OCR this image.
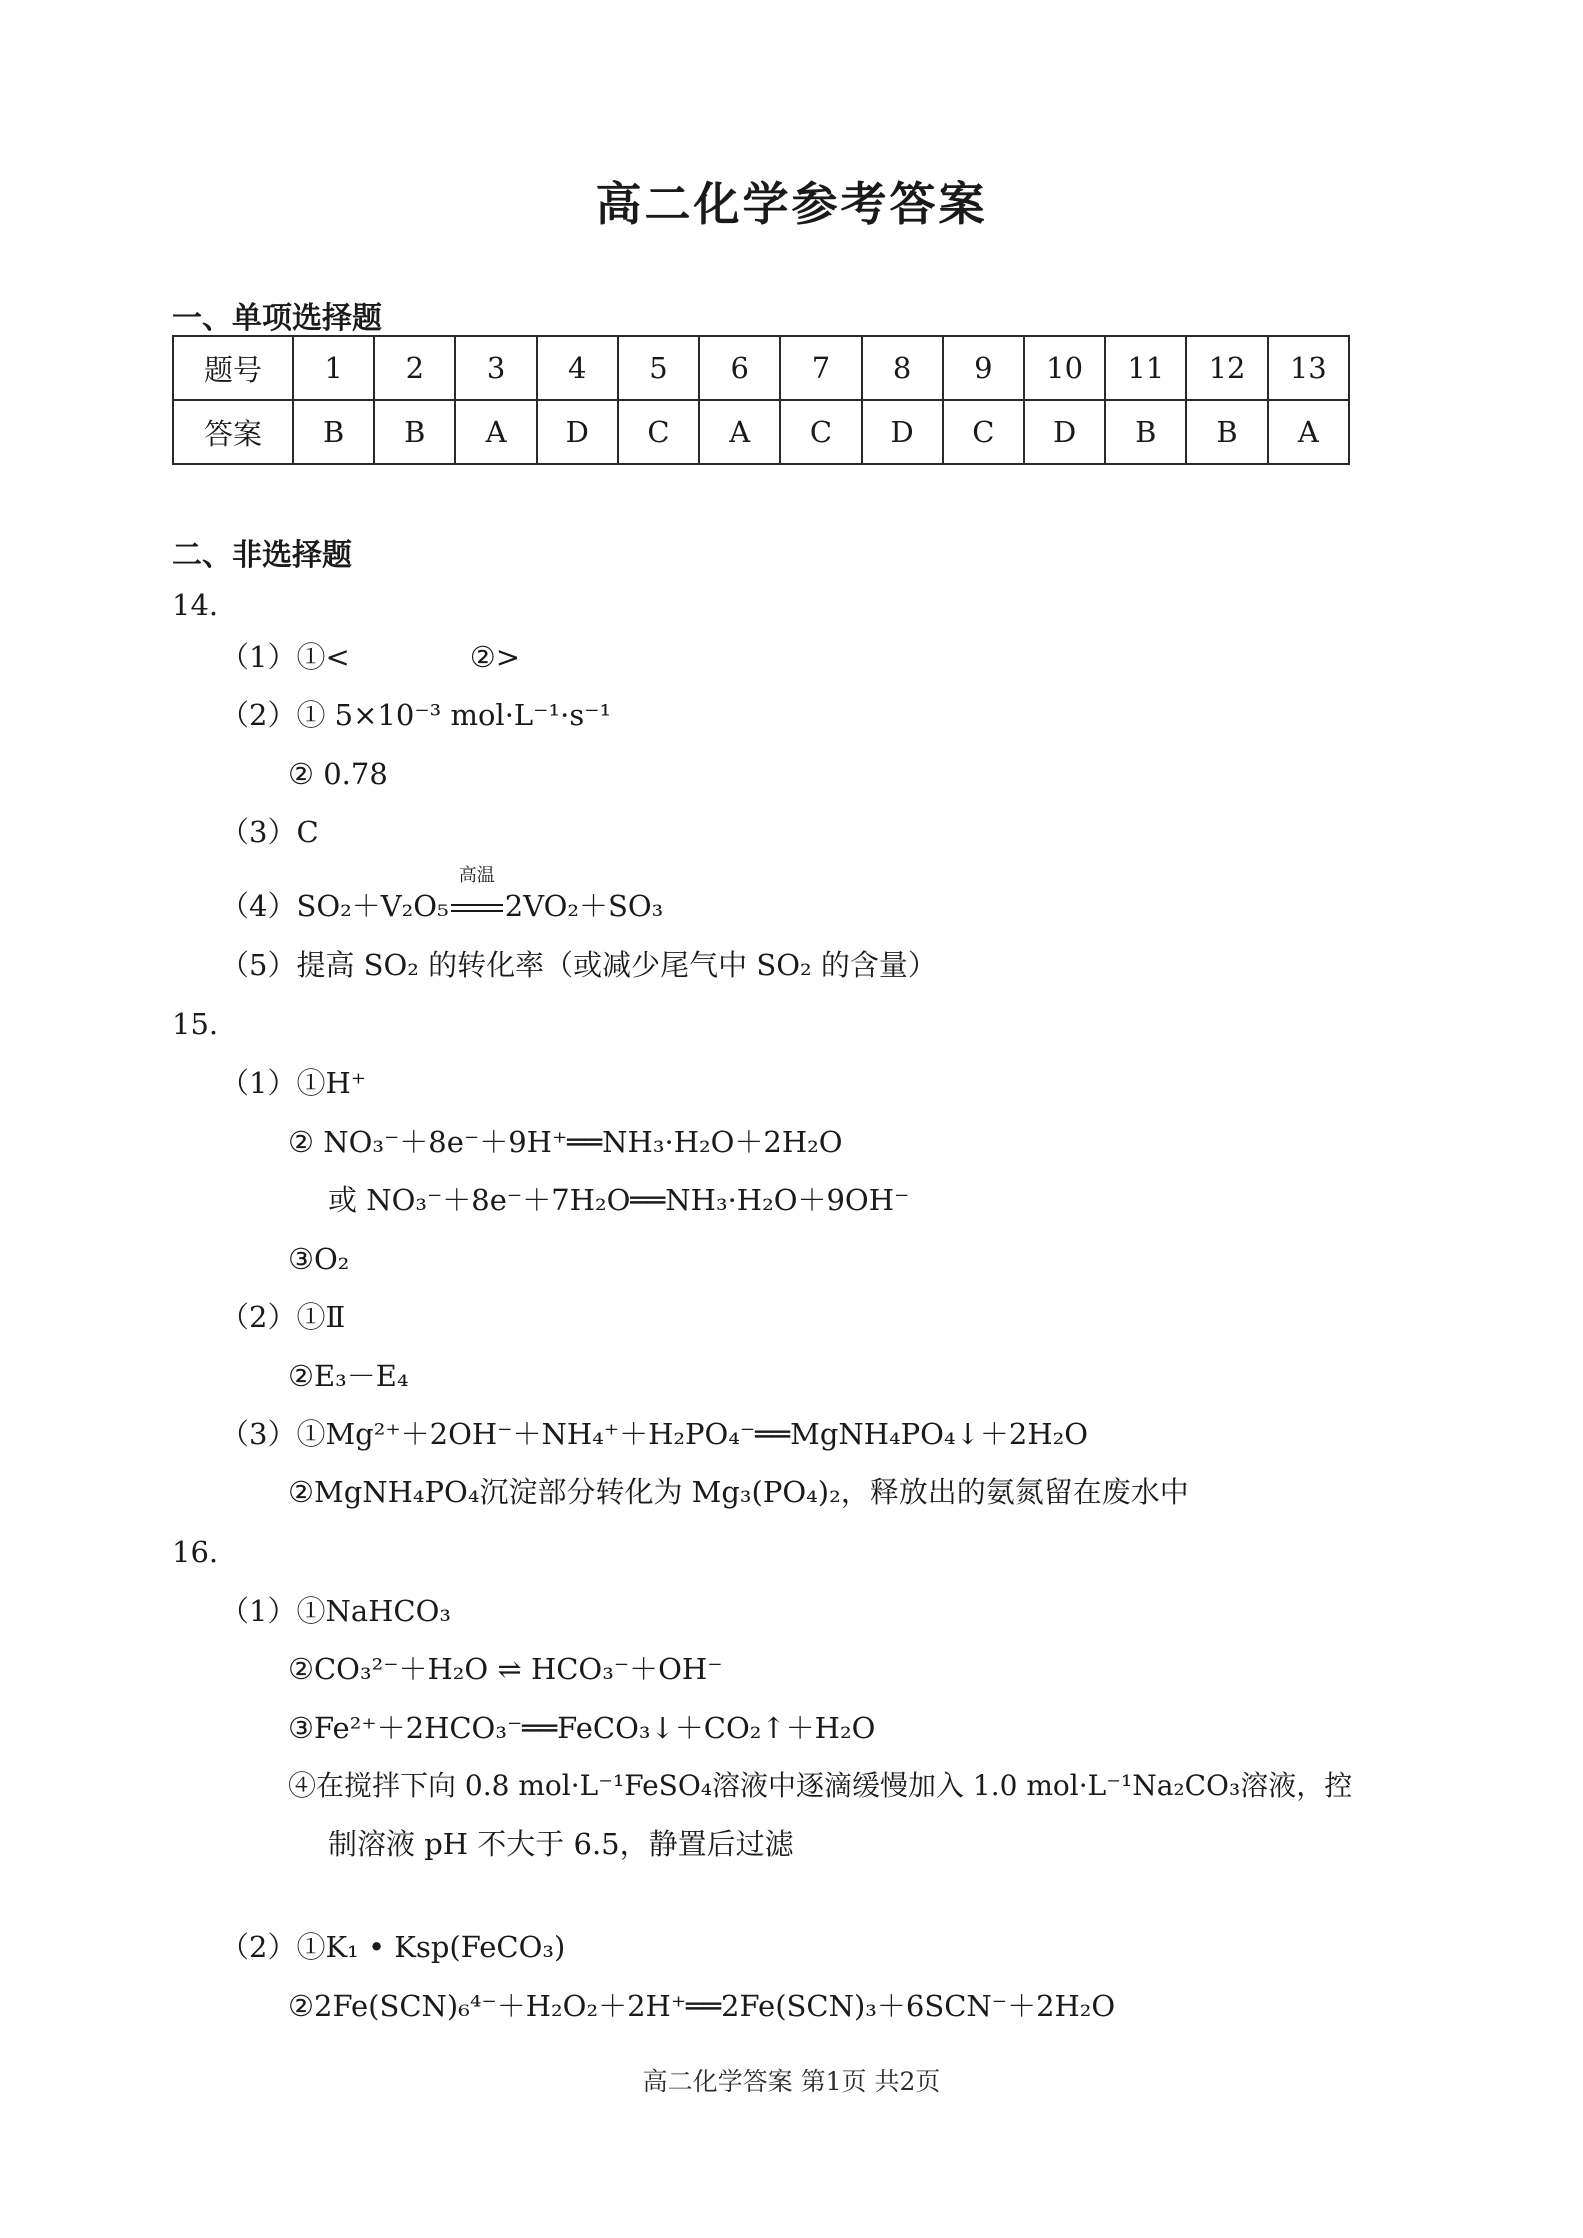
高二化学参考答案
一、单项选择题
题号	1	2	3	4	5	6	7	8	9	10	11	12	13
答案	B	B	A	D	C	A	C	D	C	D	B	B	A
二、非选择题
14.
（1）①<	②>
（2）① 5×10⁻³ mol·L⁻¹·s⁻¹
② 0.78
（3）C
（4）SO₂＋V₂O₅
高温
2VO₂＋SO₃
（5）提高 SO₂ 的转化率（或减少尾气中 SO₂ 的含量）
15.
（1）①H⁺
② NO₃⁻＋8e⁻＋9H⁺══NH₃·H₂O＋2H₂O
或 NO₃⁻＋8e⁻＋7H₂O══NH₃·H₂O＋9OH⁻
③O₂
（2）①Ⅱ
②E₃－E₄
（3）①Mg²⁺＋2OH⁻＋NH₄⁺＋H₂PO₄⁻══MgNH₄PO₄↓＋2H₂O
②MgNH₄PO₄沉淀部分转化为 Mg₃(PO₄)₂，释放出的氨氮留在废水中
16.
（1）①NaHCO₃
②CO₃²⁻＋H₂O ⇌ HCO₃⁻＋OH⁻
③Fe²⁺＋2HCO₃⁻══FeCO₃↓＋CO₂↑＋H₂O
④在搅拌下向 0.8 mol·L⁻¹FeSO₄溶液中逐滴缓慢加入 1.0 mol·L⁻¹Na₂CO₃溶液，控
制溶液 pH 不大于 6.5，静置后过滤
（2）①K₁ • Ksp(FeCO₃)
②2Fe(SCN)₆⁴⁻＋H₂O₂＋2H⁺══2Fe(SCN)₃＋6SCN⁻＋2H₂O
高二化学答案 第1页 共2页
